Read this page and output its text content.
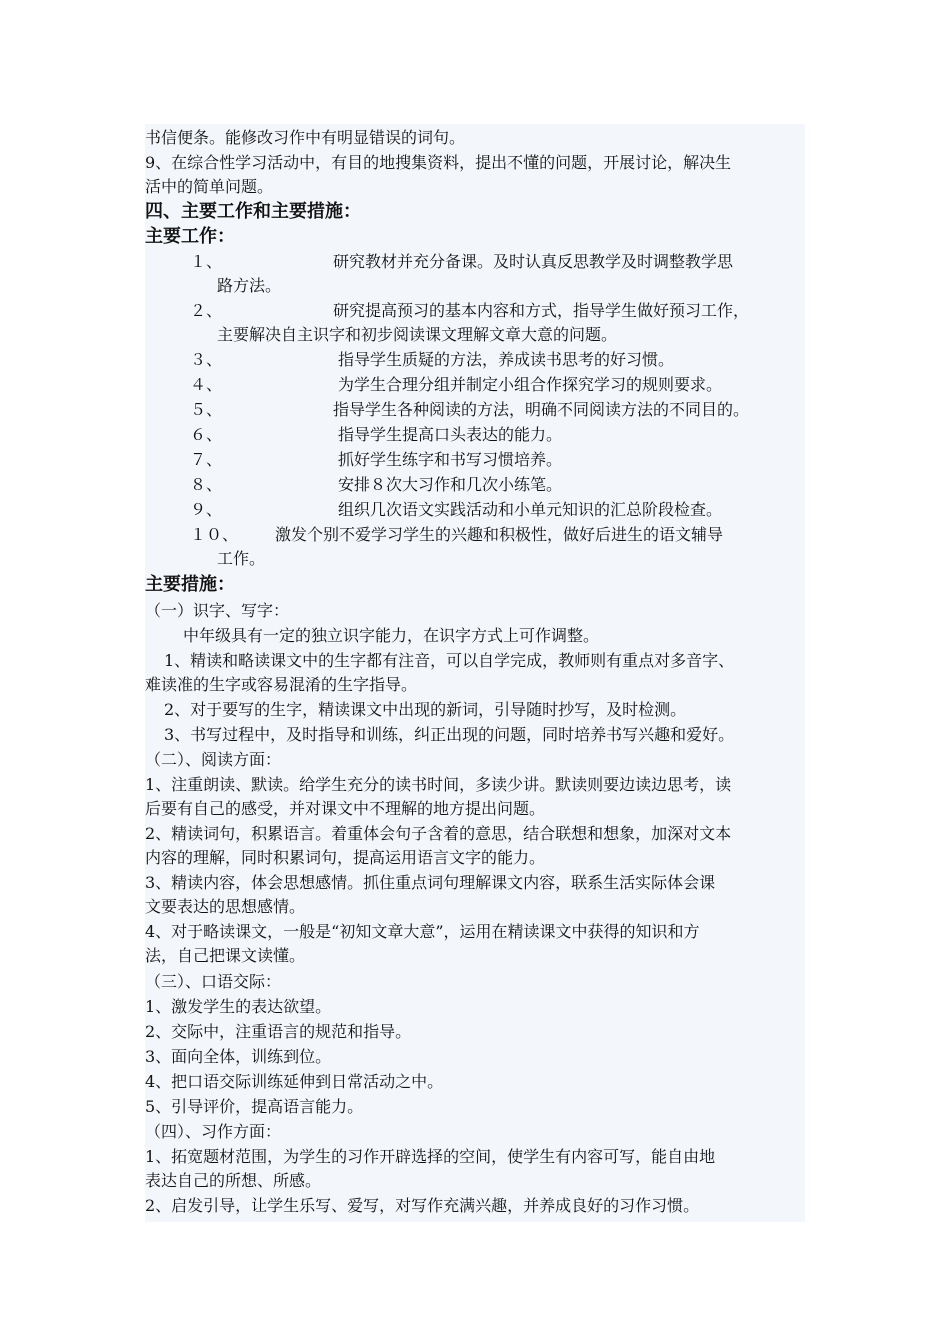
书信便条。能修改习作中有明显错误的词句。
9、在综合性学习活动中，有目的地搜集资料，提出不懂的问题，开展讨论，解决生
活中的简单问题。
四、主要工作和主要措施：
主要工作：
１、	研究教材并充分备课。及时认真反思教学及时调整教学思
路方法。
２、	研究提高预习的基本内容和方式，指导学生做好预习工作，
主要解决自主识字和初步阅读课文理解文章大意的问题。
３、	指导学生质疑的方法，养成读书思考的好习惯。
４、	为学生合理分组并制定小组合作探究学习的规则要求。
５、	指导学生各种阅读的方法，明确不同阅读方法的不同目的。
６、	指导学生提高口头表达的能力。
７、	抓好学生练字和书写习惯培养。
８、	安排８次大习作和几次小练笔。
９、	组织几次语文实践活动和小单元知识的汇总阶段检查。
１０、 激发个别不爱学习学生的兴趣和积极性，做好后进生的语文辅导
工作。
主要措施：
（一）识字、写字：
中年级具有一定的独立识字能力，在识字方式上可作调整。
1、精读和略读课文中的生字都有注音，可以自学完成，教师则有重点对多音字、
难读准的生字或容易混淆的生字指导。
2、对于要写的生字，精读课文中出现的新词，引导随时抄写，及时检测。
3、书写过程中，及时指导和训练，纠正出现的问题，同时培养书写兴趣和爱好。
（二）、阅读方面：
1、注重朗读、默读。给学生充分的读书时间，多读少讲。默读则要边读边思考，读
后要有自己的感受，并对课文中不理解的地方提出问题。
2、精读词句，积累语言。着重体会句子含着的意思，结合联想和想象，加深对文本
内容的理解，同时积累词句，提高运用语言文字的能力。
3、精读内容，体会思想感情。抓住重点词句理解课文内容，联系生活实际体会课
文要表达的思想感情。
4、对于略读课文，一般是“初知文章大意”，运用在精读课文中获得的知识和方
法，自己把课文读懂。
（三）、口语交际：
1、激发学生的表达欲望。
2、交际中，注重语言的规范和指导。
3、面向全体，训练到位。
4、把口语交际训练延伸到日常活动之中。
5、引导评价，提高语言能力。
（四）、习作方面：
1、拓宽题材范围，为学生的习作开辟选择的空间，使学生有内容可写，能自由地
表达自己的所想、所感。
2、启发引导，让学生乐写、爱写，对写作充满兴趣，并养成良好的习作习惯。
